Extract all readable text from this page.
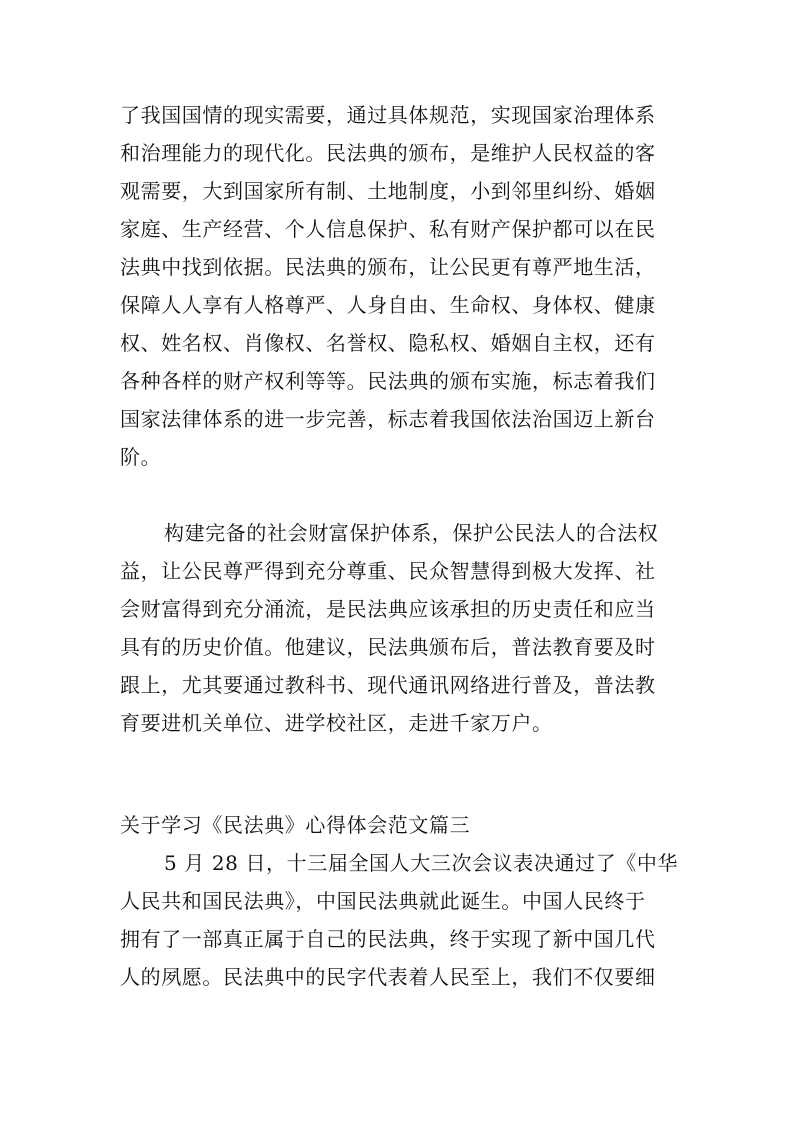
了我国国情的现实需要，通过具体规范，实现国家治理体系
和治理能力的现代化。民法典的颁布，是维护人民权益的客
观需要，大到国家所有制、土地制度，小到邻里纠纷、婚姻
家庭、生产经营、个人信息保护、私有财产保护都可以在民
法典中找到依据。民法典的颁布，让公民更有尊严地生活，
保障人人享有人格尊严、人身自由、生命权、身体权、健康
权、姓名权、肖像权、名誉权、隐私权、婚姻自主权，还有
各种各样的财产权利等等。民法典的颁布实施，标志着我们
国家法律体系的进一步完善，标志着我国依法治国迈上新台
阶。
构建完备的社会财富保护体系，保护公民法人的合法权
益，让公民尊严得到充分尊重、民众智慧得到极大发挥、社
会财富得到充分涌流，是民法典应该承担的历史责任和应当
具有的历史价值。他建议，民法典颁布后，普法教育要及时
跟上，尤其要通过教科书、现代通讯网络进行普及，普法教
育要进机关单位、进学校社区，走进千家万户。
关于学习《民法典》心得体会范文篇三
5 月 28 日，十三届全国人大三次会议表决通过了《中华
人民共和国民法典》，中国民法典就此诞生。中国人民终于
拥有了一部真正属于自己的民法典，终于实现了新中国几代
人的夙愿。民法典中的民字代表着人民至上，我们不仅要细
